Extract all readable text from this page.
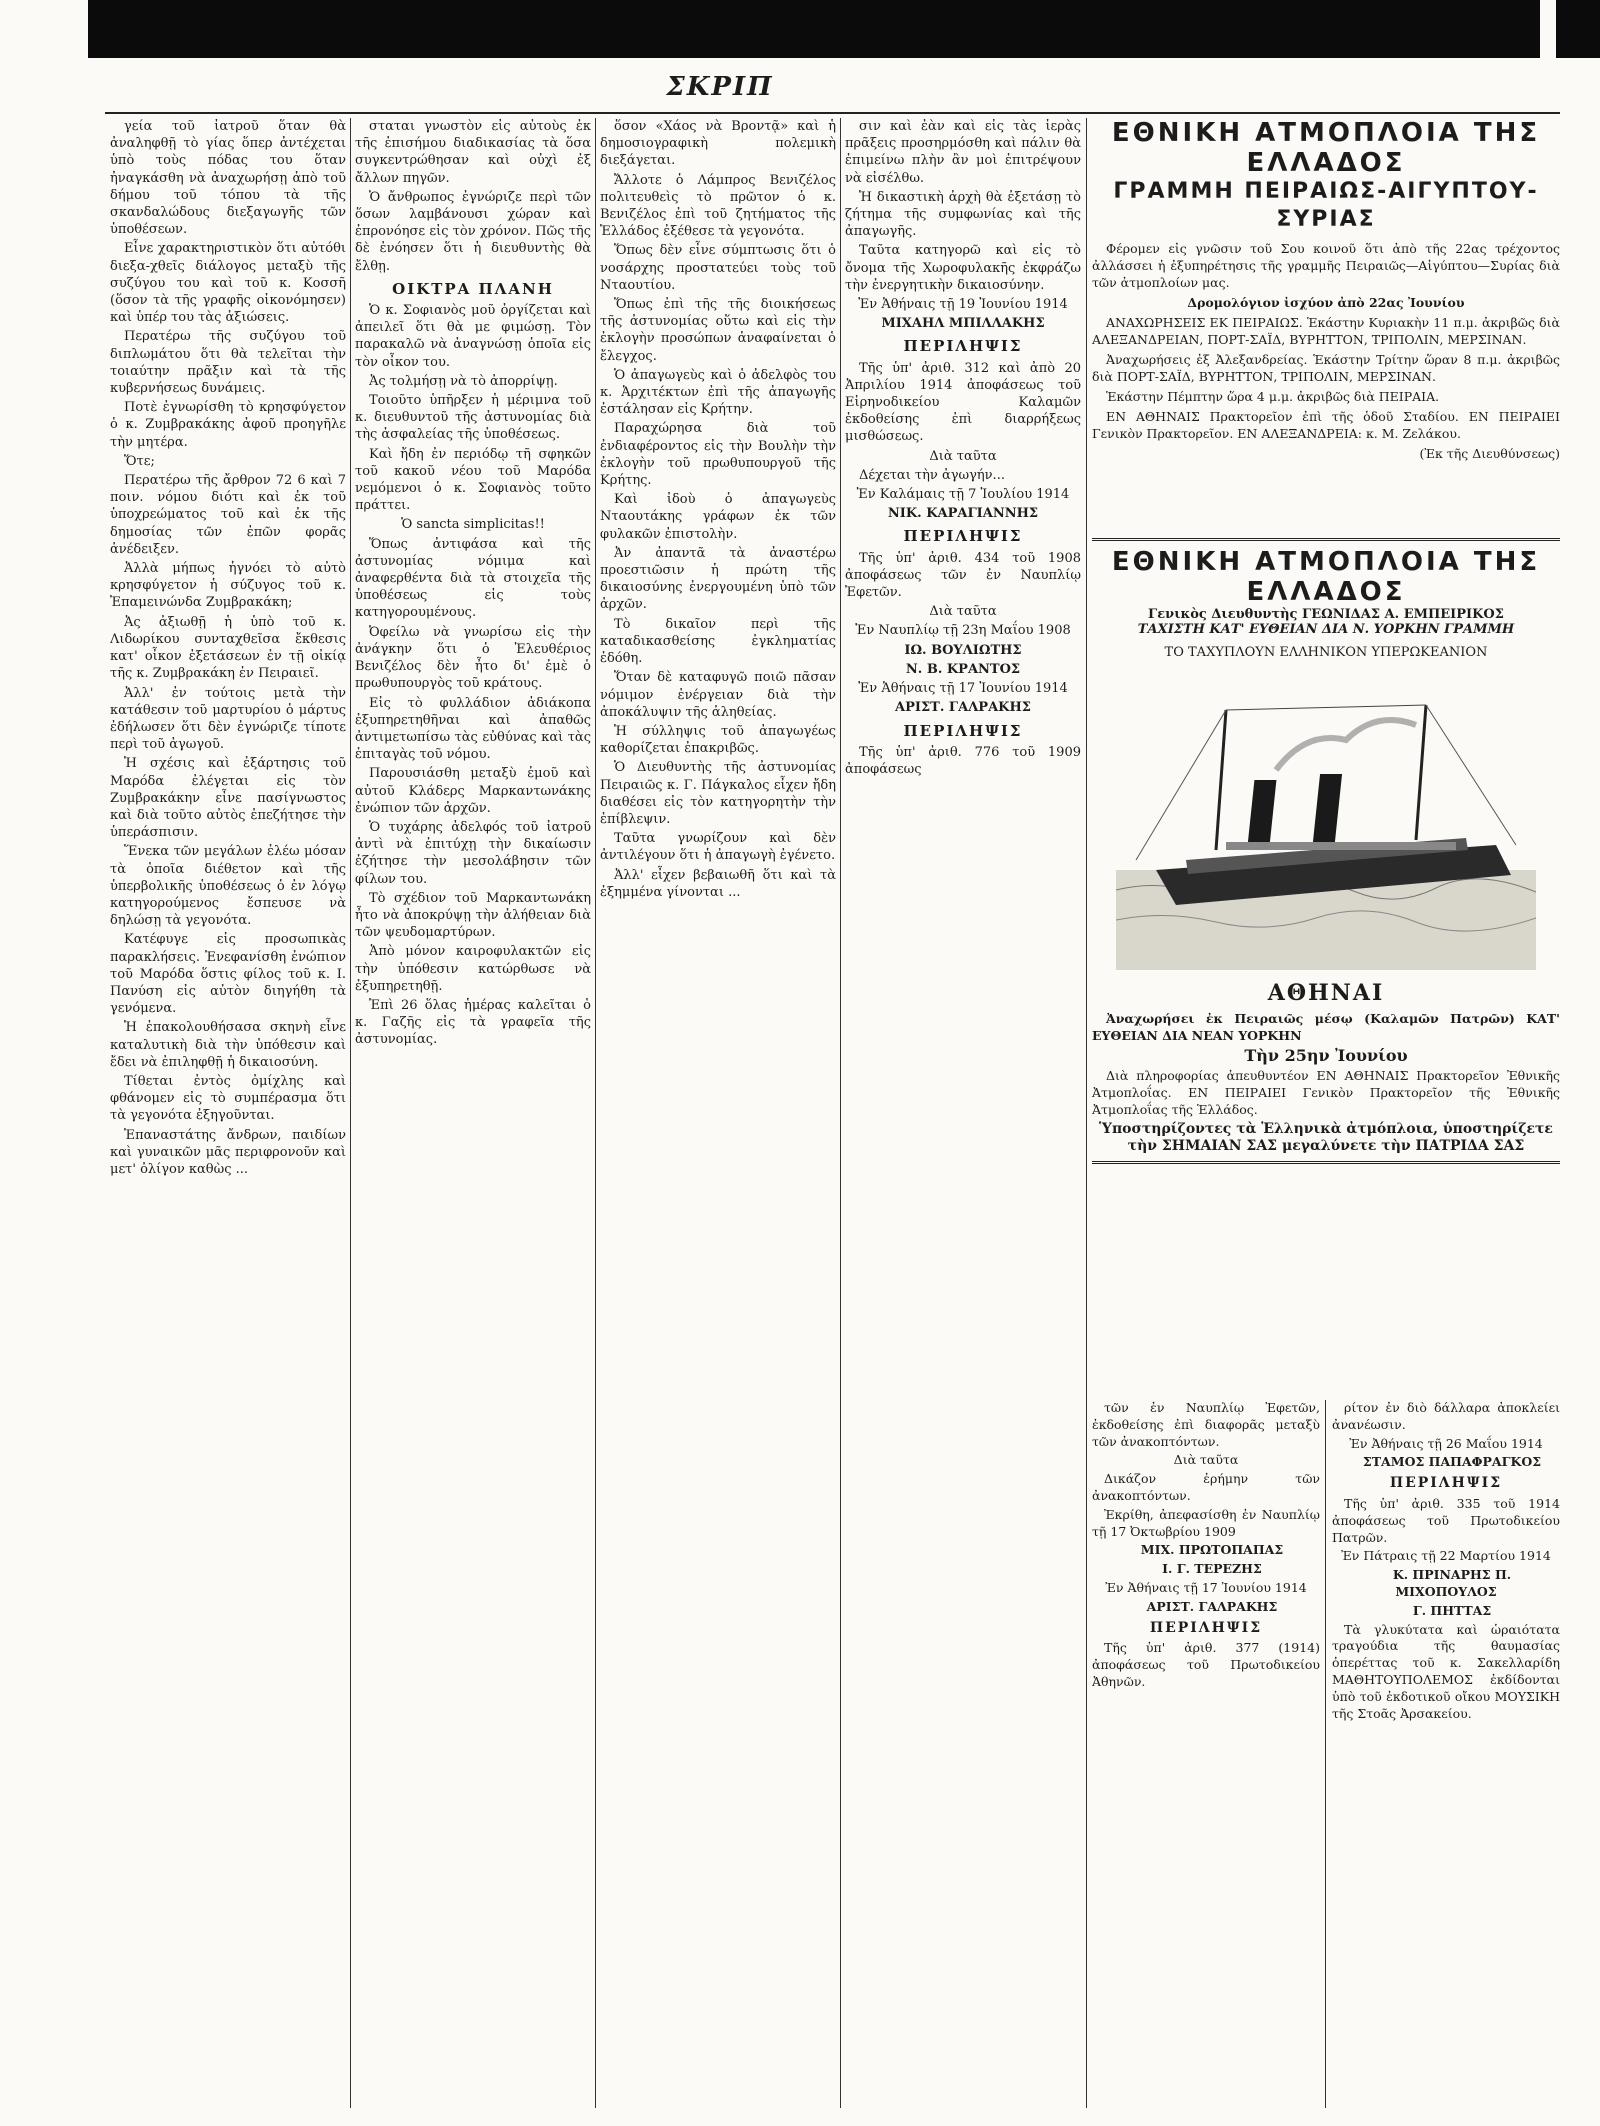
ΣΚΡΙΠ

γεία τοῦ ἰατροῦ ὅταν θὰ ἀναληφθῇ τὸ γίας ὅπερ ἀντέχεται ὑπὸ τοὺς πόδας του ὅταν ἠναγκάσθη νὰ ἀναχωρήσῃ ἀπὸ τοῦ δήμου τοῦ τόπου τὰ τῆς σκανδαλώδους διεξαγωγῆς τῶν ὑποθέσεων.

Εἶνε χαρακτηριστικὸν ὅτι αὐτόθι διεξα-χθεῖς διάλογος μεταξὺ τῆς συζύγου του καὶ τοῦ κ. Κοσσῆ (ὅσον τὰ τῆς γραφῆς οἰκονόμησεν) καὶ ὑπέρ του τὰς ἀξιώσεις.

Περατέρω τῆς συζύγου τοῦ διπλωμάτου ὅτι θὰ τελεῖται τὴν τοιαύτην πρᾶξιν καὶ τὰ τῆς κυβερνήσεως δυνάμεις.

Ποτὲ ἐγνωρίσθη τὸ κρησφύγετον ὁ κ. Ζυμβρακάκης ἀφοῦ προηγῆλε τὴν μητέρα.

Ὅτε;

Περατέρω τῆς ἄρθρον 72 6 καὶ 7 ποιν. νόμου διότι καὶ ἐκ τοῦ ὑποχρεώματος τοῦ καὶ ἐκ τῆς δημοσίας τῶν ἐπῶν φορᾶς ἀνέδειξεν.

Ἀλλὰ μήπως ἠγνόει τὸ αὐτὸ κρησφύγετον ἡ σύζυγος τοῦ κ. Ἐπαμεινώνδα Ζυμβρακάκη;

Ἀς ἀξιωθῇ ἡ ὑπὸ τοῦ κ. Λιδωρίκου συνταχθεῖσα ἔκθεσις κατ' οἶκον ἐξετάσεων ἐν τῇ οἰκίᾳ τῆς κ. Ζυμβρακάκη ἐν Πειραιεῖ.

Ἀλλ' ἐν τούτοις μετὰ τὴν κατάθεσιν τοῦ μαρτυρίου ὁ μάρτυς ἐδήλωσεν ὅτι δὲν ἐγνώριζε τίποτε περὶ τοῦ ἀγωγοῦ.

Ἡ σχέσις καὶ ἐξάρτησις τοῦ Μαρόδα ἐλέγεται εἰς τὸν Ζυμβρακάκην εἶνε πασίγνωστος καὶ διὰ τοῦτο αὐτὸς ἐπεζήτησε τὴν ὑπεράσπισιν.

Ἕνεκα τῶν μεγάλων ἐλέω μόσαν τὰ ὁποῖα διέθετον καὶ τῆς ὑπερβολικῆς ὑποθέσεως ὁ ἐν λόγῳ κατηγορούμενος ἔσπευσε νὰ δηλώσῃ τὰ γεγονότα.

Κατέφυγε εἰς προσωπικὰς παρακλήσεις. Ἐνεφανίσθη ἐνώπιον τοῦ Μαρόδα ὅστις φίλος τοῦ κ. Ι. Πανύση εἰς αὐτὸν διηγήθη τὰ γενόμενα.

Ἡ ἐπακολουθήσασα σκηνὴ εἶνε καταλυτικὴ διὰ τὴν ὑπόθεσιν καὶ ἔδει νὰ ἐπιληφθῇ ἡ δικαιοσύνη.

Τίθεται ἐντὸς ὀμίχλης καὶ φθάνομεν εἰς τὸ συμπέρασμα ὅτι τὰ γεγονότα ἐξηγοῦνται.

Ἐπαναστάτης ἄνδρων, παιδίων καὶ γυναικῶν μᾶς περιφρονοῦν καὶ μετ' ὀλίγον καθὼς ...

σταται γνωστὸν εἰς αὐτοὺς ἐκ τῆς ἐπισήμου διαδικασίας τὰ ὅσα συγκεντρώθησαν καὶ οὐχὶ ἐξ ἄλλων πηγῶν.

Ὁ ἄνθρωπος ἐγνώριζε περὶ τῶν ὅσων λαμβάνουσι χώραν καὶ ἐπρονόησε εἰς τὸν χρόνον. Πῶς τῆς δὲ ἐνόησεν ὅτι ἡ διευθυντὴς θὰ ἔλθῃ.

ΟΙΚΤΡΑ ΠΛΑΝΗ

Ὁ κ. Σοφιανὸς μοῦ ὀργίζεται καὶ ἀπειλεῖ ὅτι θὰ με φιμώσῃ. Τὸν παρακαλῶ νὰ ἀναγνώσῃ ὁποῖα εἰς τὸν οἶκον του.

Ἀς τολμήσῃ νὰ τὸ ἀπορρίψῃ.

Τοιοῦτο ὑπῆρξεν ἡ μέριμνα τοῦ κ. διευθυντοῦ τῆς ἀστυνομίας διὰ τὴς ἀσφαλείας τῆς ὑποθέσεως.

Καὶ ἤδη ἐν περιόδῳ τῆ σφηκῶν τοῦ κακοῦ νέου τοῦ Μαρόδα νεμόμενοι ὁ κ. Σοφιανὸς τοῦτο πράττει.

Ὁ sancta simplicitas!!

Ὅπως ἀντιφάσα καὶ τῆς ἀστυνομίας νόμιμα καὶ ἀναφερθέντα διὰ τὰ στοιχεῖα τῆς ὑποθέσεως εἰς τοὺς κατηγορουμένους.

Ὀφείλω νὰ γνωρίσω εἰς τὴν ἀνάγκην ὅτι ὁ Ἐλευθέριος Βενιζέλος δὲν ἦτο δι' ἐμὲ ὁ πρωθυπουργὸς τοῦ κράτους.

Εἰς τὸ φυλλάδιον ἀδιάκοπα ἐξυπηρετηθῆναι καὶ ἀπαθῶς ἀντιμετωπίσω τὰς εὐθύνας καὶ τὰς ἐπιταγὰς τοῦ νόμου.

Παρουσιάσθη μεταξὺ ἐμοῦ καὶ αὐτοῦ Κλάδερς Μαρκαντωνάκης ἐνώπιον τῶν ἀρχῶν.

Ὁ τυχάρης ἀδελφός τοῦ ἰατροῦ ἀντὶ νὰ ἐπιτύχῃ τὴν δικαίωσιν ἐζήτησε τὴν μεσολάβησιν τῶν φίλων του.

Τὸ σχέδιον τοῦ Μαρκαντωνάκη ἦτο νὰ ἀποκρύψῃ τὴν ἀλήθειαν διὰ τῶν ψευδομαρτύρων.

Ἀπὸ μόνον καιροφυλακτῶν εἰς τὴν ὑπόθεσιν κατώρθωσε νὰ ἐξυπηρετηθῇ.

Ἐπὶ 26 ὅλας ἡμέρας καλεῖται ὁ κ. Γαζῆς εἰς τὰ γραφεῖα τῆς ἀστυνομίας.

ὅσον «Χάος νὰ Βροντᾷ» καὶ ἡ δημοσιογραφικὴ πολεμικὴ διεξάγεται.

Ἄλλοτε ὁ Λάμπρος Βενιζέλος πολιτευθεὶς τὸ πρῶτον ὁ κ. Βενιζέλος ἐπὶ τοῦ ζητήματος τῆς Ἑλλάδος ἐξέθεσε τὰ γεγονότα.

Ὅπως δὲν εἶνε σύμπτωσις ὅτι ὁ νοσάρχης προστατεύει τοὺς τοῦ Νταουτίου.

Ὅπως ἐπὶ τῆς τῆς διοικήσεως τῆς ἀστυνομίας οὕτω καὶ εἰς τὴν ἐκλογὴν προσώπων ἀναφαίνεται ὁ ἔλεγχος.

Ὁ ἀπαγωγεὺς καὶ ὁ ἀδελφὸς του κ. Ἀρχιτέκτων ἐπὶ τῆς ἀπαγωγῆς ἐστάλησαν εἰς Κρήτην.

Παραχώρησα διὰ τοῦ ἐνδιαφέροντος εἰς τὴν Βουλὴν τὴν ἐκλογὴν τοῦ πρωθυπουργοῦ τῆς Κρήτης.

Καὶ ἰδοὺ ὁ ἀπαγωγεὺς Νταουτάκης γράφων ἐκ τῶν φυλακῶν ἐπιστολὴν.

Ἀν ἀπαντᾶ τὰ ἀναστέρω προεστιῶσιν ἡ πρώτη τῆς δικαιοσύνης ἐνεργουμένη ὑπὸ τῶν ἀρχῶν.

Τὸ δικαῖον περὶ τῆς καταδικασθείσης ἐγκληματίας ἐδόθη.

Ὅταν δὲ καταφυγῶ ποιῶ πᾶσαν νόμιμον ἐνέργειαν διὰ τὴν ἀποκάλυψιν τῆς ἀληθείας.

Ἡ σύλληψις τοῦ ἀπαγωγέως καθορίζεται ἐπακριβῶς.

Ὁ Διευθυντὴς τῆς ἀστυνομίας Πειραιῶς κ. Γ. Πάγκαλος εἶχεν ἤδη διαθέσει εἰς τὸν κατηγορητὴν τὴν ἐπίβλεψιν.

Ταῦτα γνωρίζουν καὶ δὲν ἀντιλέγουν ὅτι ἡ ἀπαγωγὴ ἐγένετο.

Ἀλλ' εἶχεν βεβαιωθῆ ὅτι καὶ τὰ ἐξημμένα γίνονται ...

σιν καὶ ἐὰν καὶ εἰς τὰς ἱερὰς πρᾶξεις προσηρμόσθη καὶ πάλιν θὰ ἐπιμείνω πλὴν ἂν μοὶ ἐπιτρέψουν νὰ εἰσέλθω.

Ἡ δικαστικὴ ἀρχὴ θὰ ἐξετάσῃ τὸ ζήτημα τῆς συμφωνίας καὶ τῆς ἀπαγωγῆς.

Ταῦτα κατηγορῶ καὶ εἰς τὸ ὄνομα τῆς Χωροφυλακῆς ἐκφράζω τὴν ἐνεργητικὴν δικαιοσύνην.

Ἐν Ἀθήναις τῇ 19 Ἰουνίου 1914

ΜΙΧΑΗΛ ΜΠΙΛΛΑΚΗΣ

ΠΕΡΙΛΗΨΙΣ

Τῆς ὑπ' ἀριθ. 312 καὶ ἀπὸ 20 Ἀπριλίου 1914 ἀποφάσεως τοῦ Εἰρηνοδικείου Καλαμῶν ἐκδοθείσης ἐπὶ διαρρήξεως μισθώσεως.

Διὰ ταῦτα

Δέχεται τὴν ἀγωγήν...

Ἐν Καλάμαις τῇ 7 Ἰουλίου 1914

ΝΙΚ. ΚΑΡΑΓΙΑΝΝΗΣ

ΠΕΡΙΛΗΨΙΣ

Τῆς ὑπ' ἀριθ. 434 τοῦ 1908 ἀποφάσεως τῶν ἐν Ναυπλίῳ Ἐφετῶν.

Διὰ ταῦτα

Ἐν Ναυπλίῳ τῇ 23η Μαΐου 1908

ΙΩ. ΒΟΥΛΙΩΤΗΣ

Ν. Β. ΚΡΑΝΤΟΣ

Ἐν Ἀθήναις τῇ 17 Ἰουνίου 1914

ΑΡΙΣΤ. ΓΑΛΡΑΚΗΣ

ΠΕΡΙΛΗΨΙΣ

Τῆς ὑπ' ἀριθ. 776 τοῦ 1909 ἀποφάσεως

ΕΘΝΙΚΗ ΑΤΜΟΠΛΟΙΑ ΤΗΣ ΕΛΛΑΔΟΣ
ΓΡΑΜΜΗ ΠΕΙΡΑΙΩΣ-ΑΙΓΥΠΤΟΥ-ΣΥΡΙΑΣ

Φέρομεν εἰς γνῶσιν τοῦ Σου κοινοῦ ὅτι ἀπὸ τῆς 22ας τρέχοντος ἀλλάσσει ἡ ἐξυπηρέτησις τῆς γραμμῆς Πειραιῶς—Αἰγύπτου—Συρίας διὰ τῶν ἀτμοπλοίων μας.

Δρομολόγιον ἰσχύον ἀπὸ 22ας Ἰουνίου

ΑΝΑΧΩΡΗΣΕΙΣ ΕΚ ΠΕΙΡΑΙΩΣ. Ἑκάστην Κυριακὴν 11 π.μ. ἀκριβῶς διὰ ΑΛΕΞΑΝΔΡΕΙΑΝ, ΠΟΡΤ-ΣΑΪΔ, ΒΥΡΗΤΤΟΝ, ΤΡΙΠΟΛΙΝ, ΜΕΡΣΙΝΑΝ.

Ἀναχωρήσεις ἐξ Ἀλεξανδρείας. Ἑκάστην Τρίτην ὥραν 8 π.μ. ἀκριβῶς διὰ ΠΟΡΤ-ΣΑΪΔ, ΒΥΡΗΤΤΟΝ, ΤΡΙΠΟΛΙΝ, ΜΕΡΣΙΝΑΝ.

Ἑκάστην Πέμπτην ὥρα 4 μ.μ. ἀκριβῶς διὰ ΠΕΙΡΑΙΑ.

ΕΝ ΑΘΗΝΑΙΣ Πρακτορεῖον ἐπὶ τῆς ὁδοῦ Σταδίου. ΕΝ ΠΕΙΡΑΙΕΙ Γενικὸν Πρακτορεῖον. ΕΝ ΑΛΕΞΑΝΔΡΕΙΑ: κ. Μ. Ζελάκου.

(Ἐκ τῆς Διευθύνσεως)

ΕΘΝΙΚΗ ΑΤΜΟΠΛΟΙΑ ΤΗΣ ΕΛΛΑΔΟΣ
Γενικὸς Διευθυντὴς ΓΕΩΝΙΔΑΣ Α. ΕΜΠΕΙΡΙΚΟΣ
ΤΑΧΙΣΤΗ ΚΑΤ' ΕΥΘΕΙΑΝ ΔΙΑ Ν. ΥΟΡΚΗΝ ΓΡΑΜΜΗ
ΤΟ ΤΑΧΥΠΛΟΥΝ ΕΛΛΗΝΙΚΟΝ ΥΠΕΡΩΚΕΑΝΙΟΝ
ΑΘΗΝΑΙ

Ἀναχωρήσει ἐκ Πειραιῶς μέσῳ (Καλαμῶν Πατρῶν) ΚΑΤ' ΕΥΘΕΙΑΝ ΔΙΑ ΝΕΑΝ ΥΟΡΚΗΝ

Τὴν 25ην Ἰουνίου

Διὰ πληροφορίας ἀπευθυντέον ΕΝ ΑΘΗΝΑΙΣ Πρακτορεῖον Ἐθνικῆς Ἀτμοπλοΐας. ΕΝ ΠΕΙΡΑΙΕΙ Γενικὸν Πρακτορεῖον τῆς Ἐθνικῆς Ἀτμοπλοΐας τῆς Ἑλλάδος.

Ὑποστηρίζοντες τὰ Ἑλληνικὰ ἀτμόπλοια, ὑποστηρίζετε τὴν ΣΗΜΑΙΑΝ ΣΑΣ μεγαλύνετε τὴν ΠΑΤΡΙΔΑ ΣΑΣ

τῶν ἐν Ναυπλίῳ Ἐφετῶν, ἐκδοθείσης ἐπὶ διαφορᾶς μεταξὺ τῶν ἀνακοπτόντων.

Διὰ ταῦτα

Δικάζον ἐρήμην τῶν ἀνακοπτόντων.

Ἐκρίθη, ἀπεφασίσθη ἐν Ναυπλίῳ τῇ 17 Ὀκτωβρίου 1909

ΜΙΧ. ΠΡΩΤΟΠΑΠΑΣ

Ι. Γ. ΤΕΡΕΖΗΣ

Ἐν Ἀθήναις τῇ 17 Ἰουνίου 1914

ΑΡΙΣΤ. ΓΑΛΡΑΚΗΣ

ΠΕΡΙΛΗΨΙΣ

Τῆς ὑπ' ἀριθ. 377 (1914) ἀποφάσεως τοῦ Πρωτοδικείου Ἀθηνῶν.

ρίτον ἐν διὸ δάλλαρα ἀποκλείει ἀνανέωσιν.

Ἐν Ἀθήναις τῇ 26 Μαΐου 1914

ΣΤΑΜΟΣ ΠΑΠΑΦΡΑΓΚΟΣ

ΠΕΡΙΛΗΨΙΣ

Τῆς ὑπ' ἀριθ. 335 τοῦ 1914 ἀποφάσεως τοῦ Πρωτοδικείου Πατρῶν.

Ἐν Πάτραις τῇ 22 Μαρτίου 1914

Κ. ΠΡΙΝΑΡΗΣ Π. ΜΙΧΟΠΟΥΛΟΣ

Γ. ΠΗΤΤΑΣ

Τὰ γλυκύτατα καὶ ὡραιότατα τραγούδια τῆς θαυμασίας ὀπερέττας τοῦ κ. Σακελλαρίδη ΜΑΘΗΤΟΥΠΟΛΕΜΟΣ ἐκδίδονται ὑπὸ τοῦ ἐκδοτικοῦ οἴκου ΜΟΥΣΙΚΗ τῆς Στοᾶς Ἀρσακείου.
